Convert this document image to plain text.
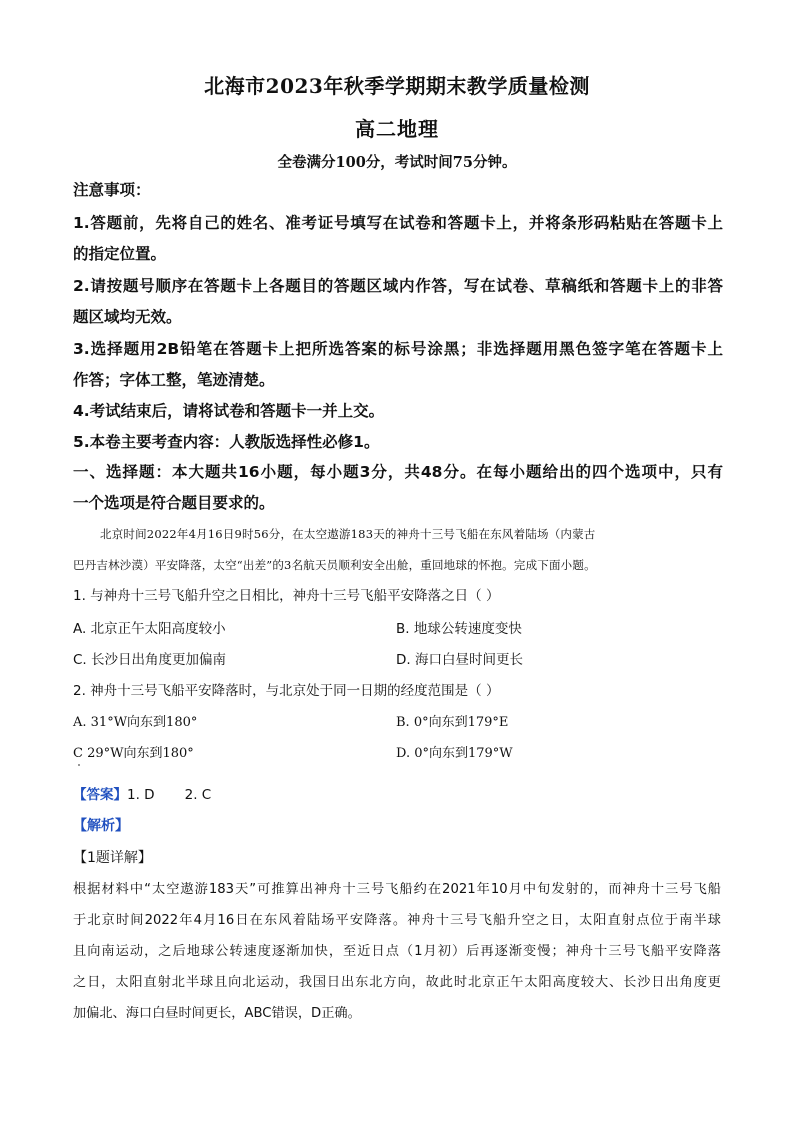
北海市2023年秋季学期期末教学质量检测
高二地理
全卷满分100分，考试时间75分钟。
注意事项：
1.答题前，先将自己的姓名、准考证号填写在试卷和答题卡上，并将条形码粘贴在答题卡上
的指定位置。
2.请按题号顺序在答题卡上各题目的答题区域内作答，写在试卷、草稿纸和答题卡上的非答
题区域均无效。
3.选择题用2B铅笔在答题卡上把所选答案的标号涂黑；非选择题用黑色签字笔在答题卡上
作答；字体工整，笔迹清楚。
4.考试结束后，请将试卷和答题卡一并上交。
5.本卷主要考查内容：人教版选择性必修1。
一、选择题：本大题共16小题，每小题3分，共48分。在每小题给出的四个选项中，只有
一个选项是符合题目要求的。
北京时间2022年4月16日9时56分，在太空遨游183天的神舟十三号飞船在东风着陆场（内蒙古
巴丹吉林沙漠）平安降落，太空“出差”的3名航天员顺利安全出舱，重回地球的怀抱。完成下面小题。
1. 与神舟十三号飞船升空之日相比，神舟十三号飞船平安降落之日（ ）
A. 北京正午太阳高度较小	B. 地球公转速度变快
C. 长沙日出角度更加偏南	D. 海口白昼时间更长
2. 神舟十三号飞船平安降落时，与北京处于同一日期的经度范围是（ ）
A. 31°W向东到180°	B. 0°向东到179°E
C 29°W向东到180°	D. 0°向东到179°W
【答案】1. D       2. C
【解析】
【1题详解】
根据材料中“太空遨游183天”可推算出神舟十三号飞船约在2021年10月中旬发射的，而神舟十三号飞船
于北京时间2022年4月16日在东风着陆场平安降落。神舟十三号飞船升空之日，太阳直射点位于南半球
且向南运动，之后地球公转速度逐渐加快，至近日点（1月初）后再逐渐变慢；神舟十三号飞船平安降落
之日，太阳直射北半球且向北运动，我国日出东北方向，故此时北京正午太阳高度较大、长沙日出角度更
加偏北、海口白昼时间更长，ABC错误，D正确。
